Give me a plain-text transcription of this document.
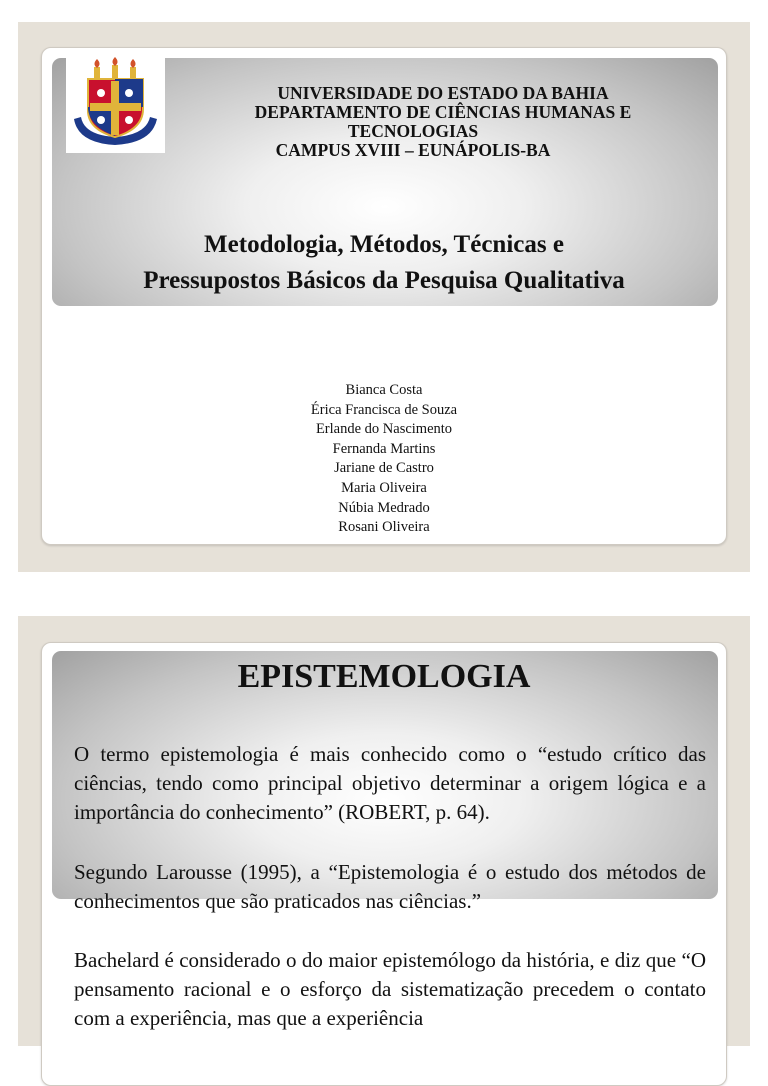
UNIVERSIDADE DO ESTADO DA BAHIA
DEPARTAMENTO DE CIÊNCIAS HUMANAS E
TECNOLOGIAS
CAMPUS XVIII – EUNÁPOLIS-BA
Metodologia, Métodos, Técnicas e
Pressupostos Básicos da Pesquisa Qualitativa
Bianca Costa
Érica Francisca de Souza
Erlande do Nascimento
Fernanda Martins
Jariane de Castro
Maria Oliveira
Núbia Medrado
Rosani Oliveira
EPISTEMOLOGIA
O termo epistemologia é mais conhecido como o “estudo crítico das ciências, tendo como principal objetivo determinar a origem lógica e a importância do conhecimento” (ROBERT, p. 64).
Segundo Larousse (1995), a “Epistemologia é o estudo dos métodos de conhecimentos que são praticados nas ciências.”
Bachelard é considerado o do maior epistemólogo da história, e diz que “O pensamento racional e o esforço da sistematização precedem o contato com a experiência, mas que a experiência
